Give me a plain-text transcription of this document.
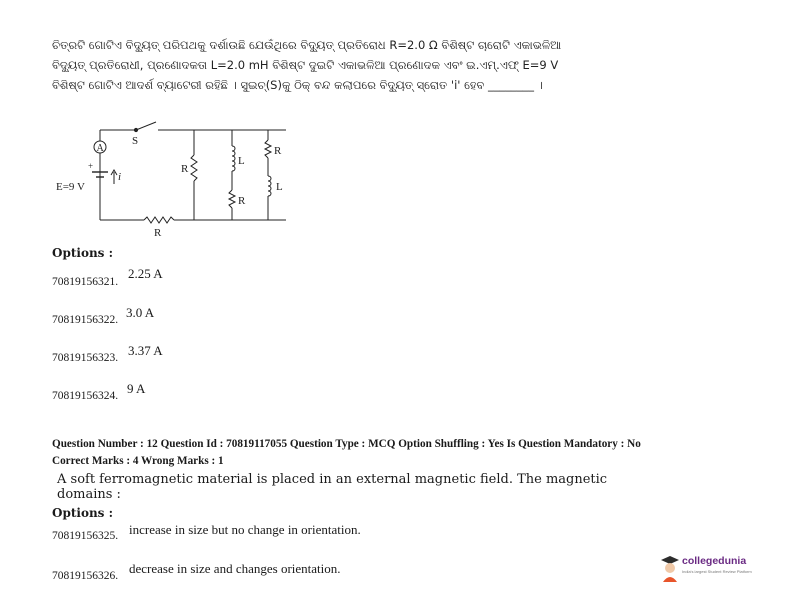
ଚିତ୍ରଟି ଗୋଟିଏ ବିଦ୍ୟୁତ୍ ପରିପଥକୁ ଦର୍ଶାଉଛି ଯେଉଁଥିରେ ବିଦ୍ୟୁତ୍ ପ୍ରତିରୋଧ R=2.0 Ω ବିଶିଷ୍ଟ ଚାରୋଟି ଏକାଭଳିଆ
ବିଦ୍ୟୁତ୍ ପ୍ରତିରୋଧୀ, ପ୍ରଣୋଦକତା L=2.0 mH ବିଶିଷ୍ଟ ଦୁଇଟି ଏକାଭଳିଆ ପ୍ରଣୋଦକ ଏବଂ ଇ.ଏମ୍.ଏଫ୍ E=9 V
ବିଶିଷ୍ଟ ଗୋଟିଏ ଆଦର୍ଶ ବ୍ୟାଟେରୀ ରହିଛି । ସୁଇଚ୍(S)କୁ ଠିକ୍ ବନ୍ଦ କଲାପରେ ବିଦ୍ୟୁତ୍ ସ୍ରୋତ 'i' ହେବ ________ ।
A
S
+
i
E=9 V
R
R
L
R
R
L
Options :
70819156321.
2.25 A
70819156322. 3.0 A
70819156323. 3.37 A
70819156324. 9 A
Question Number : 12 Question Id : 70819117055 Question Type : MCQ Option Shuffling : Yes Is Question Mandatory : No
Correct Marks : 4 Wrong Marks : 1
A soft ferromagnetic material is placed in an external magnetic field. The magnetic
domains :
Options :
70819156325. increase in size but no change in orientation.
70819156326. decrease in size and changes orientation.	collegedunia
India's largest Student Review Platform
